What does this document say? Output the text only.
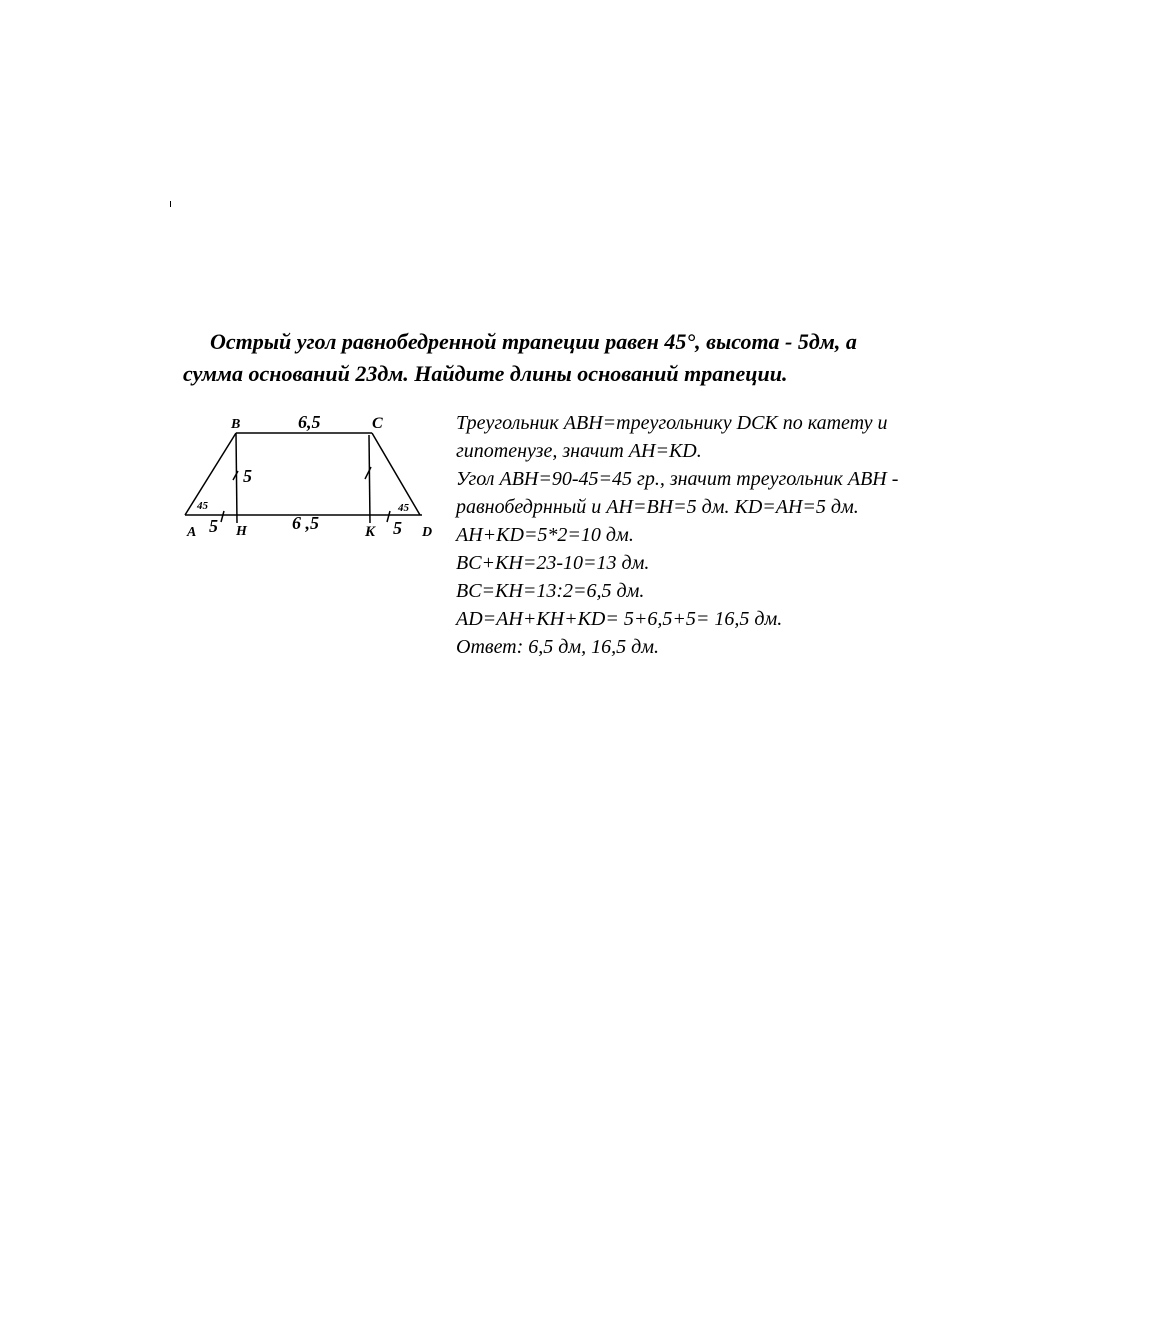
Острый угол равнобедренной трапеции равен 45°, высота - 5дм, а
сумма оснований 23дм. Найдите длины оснований трапеции.
B	C
A	H	K	D
6,5
6 ,5
5
5	5
45	45
Треугольник ABH=треугольнику DCK по катету и
гипотенузе, значит AH=KD.
Угол ABH=90-45=45 гр., значит треугольник ABH -
равнобедрнный и AH=BH=5 дм. KD=AH=5 дм.
AH+KD=5*2=10 дм.
BC+KH=23-10=13 дм.
BC=KH=13:2=6,5 дм.
AD=AH+KH+KD= 5+6,5+5= 16,5 дм.
Ответ: 6,5 дм, 16,5 дм.
